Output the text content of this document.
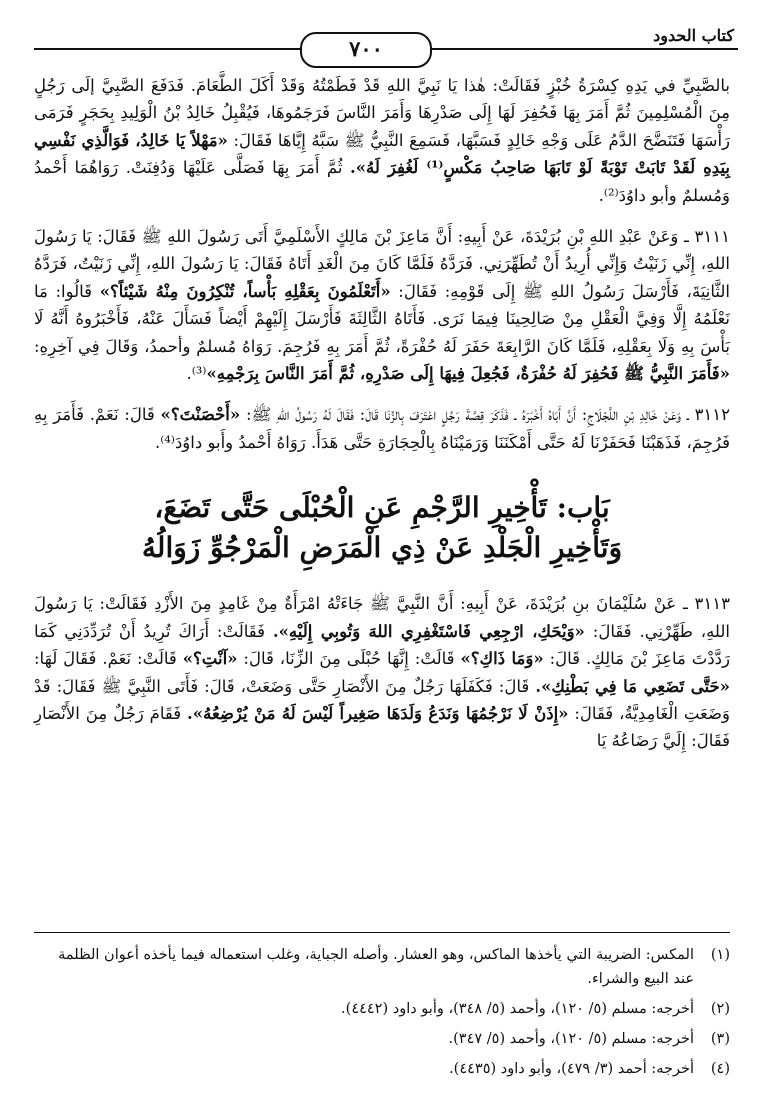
٧٠٠
كتاب الحدود

بالصَّبِيِّ في يَدِهِ كِسْرَةُ خُبْزٍ فَقَالَتْ: هٰذا يَا نَبِيَّ اللهِ قَدْ فَطَمْتُهُ وَقَدْ أَكَلَ الطَّعَامَ. فَدَفَعَ الصَّبِيَّ إلَى رَجُلٍ مِنَ الْمُسْلِمِينَ ثُمَّ أَمَرَ بِهَا فَحُفِرَ لَهَا إِلَى صَدْرِهَا وَأَمَرَ النَّاسَ فَرَجَمُوهَا، فَيُقْبِلُ خَالِدُ بْنُ الْوَلِيدِ بِحَجَرٍ فَرَمَى رَأْسَهَا فَتَنَضَّحَ الدَّمُ عَلَى وَجْهِ خَالِدٍ فَسَبَّهَا، فَسَمِعَ النَّبِيُّ ﷺ سَبَّهُ إِيَّاهَا فَقَالَ: «مَهْلاً يَا خَالِدُ، فَوَالَّذِي نَفْسِي بِيَدِهِ لَقَدْ تَابَتْ تَوْبَةً لَوْ تَابَهَا صَاحِبُ مَكْسٍ⁽¹⁾ لَغُفِرَ لَهُ». ثُمَّ أَمَرَ بِهَا فَصَلَّى عَلَيْهَا وَدُفِنَتْ. رَوَاهُمَا أَحْمدُ وَمُسلمٌ وأبو داوُدَ⁽²⁾.

٣١١١ ـ وَعَنْ عَبْدِ اللهِ بْنِ بُرَيْدَةَ، عَنْ أَبِيهِ: أَنَّ مَاعِزَ بْنَ مَالِكٍ الأَسْلَمِيَّ أَتَى رَسُولَ اللهِ ﷺ فَقَالَ: يَا رَسُولَ اللهِ، إِنِّي زَنَيْتُ وَإِنِّي أُرِيدُ أَنْ تُطَهِّرَنِي. فَرَدَّهُ فَلَمَّا كَانَ مِنَ الْغَدِ أَتَاهُ فَقَالَ: يَا رَسُولَ اللهِ، إِنِّي زَنَيْتُ، فَرَدَّهُ الثَّانِيَةَ، فَأَرْسَلَ رَسُولُ اللهِ ﷺ إِلَى قَوْمِهِ: فَقَالَ: «أَتَعْلَمُونَ بِعَقْلِهِ بَأْساً، تُنْكِرُونَ مِنْهُ شَيْئاً؟» قَالُوا: مَا نَعْلَمُهُ إِلَّا وَفِيَّ الْعَقْلِ مِنْ صَالِحِينَا فِيمَا نَرَى. فَأَتَاهُ الثَّالِثَةَ فَأَرْسَلَ إِلَيْهِمْ أَيْضاً فَسَأَلَ عَنْهُ، فَأَخْبَرُوهُ أَنَّهُ لَا بَأْسَ بِهِ وَلَا بِعَقْلِهِ، فَلَمَّا كَانَ الرَّابِعَةَ حَفَرَ لَهُ حُفْرَةً، ثُمَّ أَمَرَ بِهِ فَرُجِمَ. رَوَاهُ مُسلمٌ وأحمدُ، وَقَالَ فِي آخِرِهِ: «فَأَمَرَ النَّبِيُّ ﷺ فَحُفِرَ لَهُ حُفْرَةٌ، فَجُعِلَ فِيهَا إِلَى صَدْرِهِ، ثُمَّ أَمَرَ النَّاسَ بِرَجْمِهِ»⁽³⁾.

٣١١٢ ـ وَعَنْ خَالِدِ بْنِ اللَّجْلَاجِ: أَنَّ أَبَاهُ أَخْبَرَهُ ـ فَذَكَرَ قِصَّةَ رَجُلٍ اعْتَرَفَ بِالزِّنَا قَالَ: فَقَالَ لَهُ رَسُولُ اللهِ ﷺ: «أَحْصَنْتَ؟» قَالَ: نَعَمْ. فَأَمَرَ بِهِ فَرُجِمَ، فَذَهَبْنَا فَحَفَرْنَا لَهُ حَتَّى أَمْكَنَنَا وَرَمَيْنَاهُ بِالْحِجَارَةِ حَتَّى هَدَأَ. رَوَاهُ أَحْمدُ وأَبو داوُدَ⁽⁴⁾.

بَاب: تَأْخِيرِ الرَّجْمِ عَنِ الْحُبْلَى حَتَّى تَضَعَ،
وَتَأْخِيرِ الْجَلْدِ عَنْ ذِي الْمَرَضِ الْمَرْجُوِّ زَوَالُهُ

٣١١٣ ـ عَنْ سُلَيْمَانَ بنِ بُرَيْدَةَ، عَنْ أَبِيهِ: أَنَّ النَّبِيَّ ﷺ جَاءَتْهُ امْرَأَةٌ مِنْ غَامِدٍ مِنَ الأَزْدِ فَقَالَتْ: يَا رَسُولَ اللهِ، طَهِّرْنِي. فَقَالَ: «وَيْحَكِ، ارْجِعِي فَاسْتَغْفِرِي اللهَ وَتُوبِي إِلَيْهِ». فَقَالَتْ: أَرَاكَ تُرِيدُ أَنْ تُرَدِّدَنِي كَمَا رَدَّدْتَ مَاعِزَ بْنَ مَالِكٍ. قَالَ: «وَمَا ذَاكِ؟» قَالَتْ: إِنَّهَا حُبْلَى مِنَ الزِّنَا، قَالَ: «آنْتِ؟» قَالَتْ: نَعَمْ. فَقَالَ لَهَا: «حَتَّى تَضَعِي مَا فِي بَطْنِكِ». قَالَ: فَكَفَلَهَا رَجُلٌ مِنَ الأَنْصَارِ حَتَّى وَضَعَتْ، قَالَ: فَأَتَى النَّبِيَّ ﷺ فَقَالَ: قَدْ وَضَعَتِ الْغَامِدِيَّةُ، فَقَالَ: «إِذَنْ لَا نَرْجُمُهَا وَنَدَعُ وَلَدَهَا صَغِيراً لَيْسَ لَهُ مَنْ يُرْضِعُهُ». فَقَامَ رَجُلٌ مِنَ الأَنْصَارِ فَقَالَ: إِلَيَّ رَضَاعُهُ يَا

(١)
المكس: الضريبة التي يأخذها الماكس، وهو العشار. وأصله الجباية، وغلب استعماله فيما يأخذه أعوان الظلمة عند البيع والشراء.
(٢)
أخرجه: مسلم (٥/ ١٢٠)، وأحمد (٥/ ٣٤٨)، وأبو داود (٤٤٤٢).
(٣)
أخرجه: مسلم (٥/ ١٢٠)، وأحمد (٥/ ٣٤٧).
(٤)
أخرجه: أحمد (٣/ ٤٧٩)، وأبو داود (٤٤٣٥).
